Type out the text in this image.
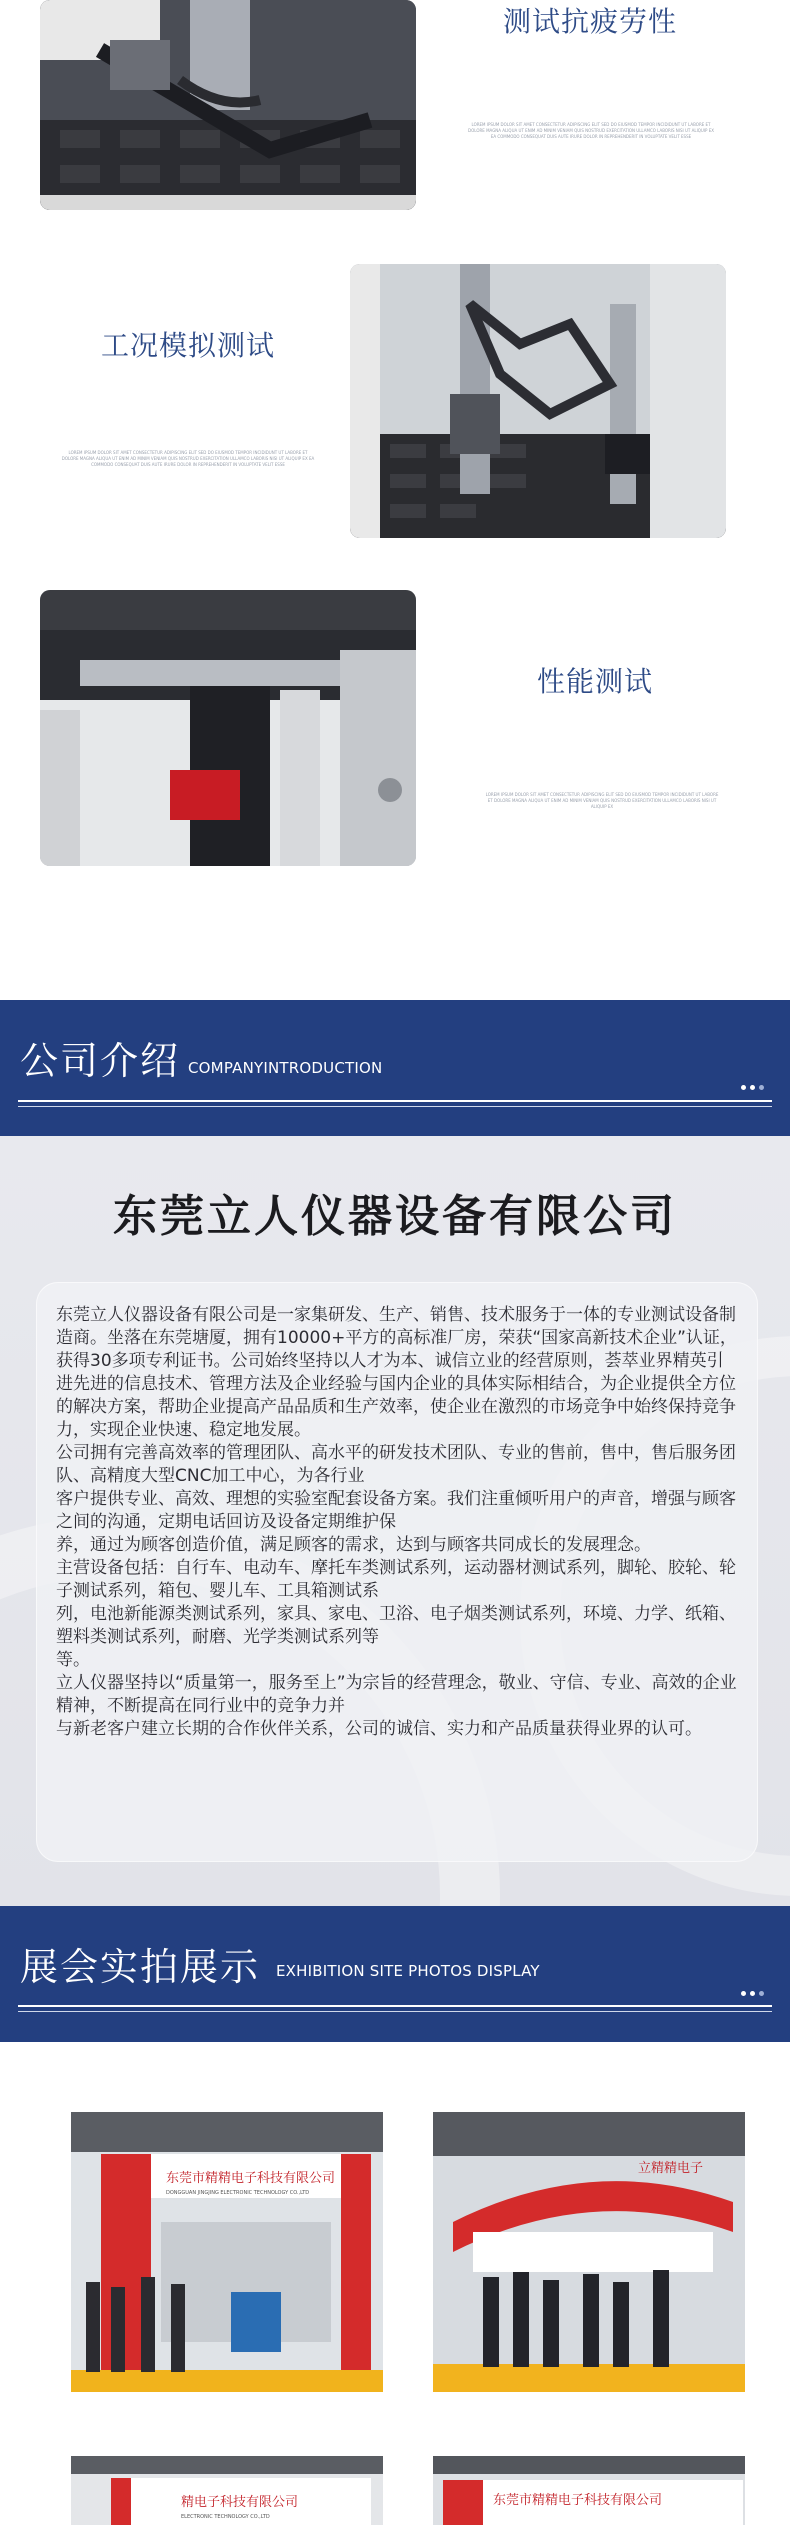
测试抗疲劳性
LOREM IPSUM DOLOR SIT AMET CONSECTETUR ADIPISCING ELIT SED DO EIUSMOD TEMPOR INCIDIDUNT UT LABORE ET DOLORE MAGNA ALIQUA UT ENIM AD MINIM VENIAM QUIS NOSTRUD EXERCITATION ULLAMCO LABORIS NISI UT ALIQUIP EX EA COMMODO CONSEQUAT DUIS AUTE IRURE DOLOR IN REPREHENDERIT IN VOLUPTATE VELIT ESSE
工况模拟测试
LOREM IPSUM DOLOR SIT AMET CONSECTETUR ADIPISCING ELIT SED DO EIUSMOD TEMPOR INCIDIDUNT UT LABORE ET DOLORE MAGNA ALIQUA UT ENIM AD MINIM VENIAM QUIS NOSTRUD EXERCITATION ULLAMCO LABORIS NISI UT ALIQUIP EX EA COMMODO CONSEQUAT DUIS AUTE IRURE DOLOR IN REPREHENDERIT IN VOLUPTATE VELIT ESSE
性能测试
LOREM IPSUM DOLOR SIT AMET CONSECTETUR ADIPISCING ELIT SED DO EIUSMOD TEMPOR INCIDIDUNT UT LABORE ET DOLORE MAGNA ALIQUA UT ENIM AD MINIM VENIAM QUIS NOSTRUD EXERCITATION ULLAMCO LABORIS NISI UT ALIQUIP EX
公司介绍 COMPANYINTRODUCTION
东莞立人仪器设备有限公司

东莞立人仪器设备有限公司是一家集研发、生产、销售、技术服务于一体的专业测试设备制造商。坐落在东莞塘厦，拥有10000+平方的高标准厂房，荣获“国家高新技术企业”认证，获得30多项专利证书。公司始终坚持以人才为本、诚信立业的经营原则，荟萃业界精英引进先进的信息技术、管理方法及企业经验与国内企业的具体实际相结合，为企业提供全方位的解决方案，帮助企业提高产品品质和生产效率，使企业在激烈的市场竞争中始终保持竞争力，实现企业快速、稳定地发展。
公司拥有完善高效率的管理团队、高水平的研发技术团队、专业的售前，售中，售后服务团队、高精度大型CNC加工中心，为各行业
客户提供专业、高效、理想的实验室配套设备方案。我们注重倾听用户的声音，增强与顾客之间的沟通，定期电话回访及设备定期维护保
养，通过为顾客创造价值，满足顾客的需求，达到与顾客共同成长的发展理念。
主营设备包括：自行车、电动车、摩托车类测试系列，运动器材测试系列，脚轮、胶轮、轮子测试系列，箱包、婴儿车、工具箱测试系
列，电池新能源类测试系列，家具、家电、卫浴、电子烟类测试系列，环境、力学、纸箱、塑料类测试系列，耐磨、光学类测试系列等
等。
立人仪器坚持以“质量第一，服务至上”为宗旨的经营理念，敬业、守信、专业、高效的企业精神，不断提高在同行业中的竞争力并
与新老客户建立长期的合作伙伴关系，公司的诚信、实力和产品质量获得业界的认可。

展会实拍展示 EXHIBITION SITE PHOTOS DISPLAY
东莞市精精电子科技有限公司
DONGGUAN JINGJING ELECTRONIC TECHNOLOGY CO.,LTD
立精精电子
精电子科技有限公司
ELECTRONIC TECHNOLOGY CO.,LTD
东莞市精精电子科技有限公司
